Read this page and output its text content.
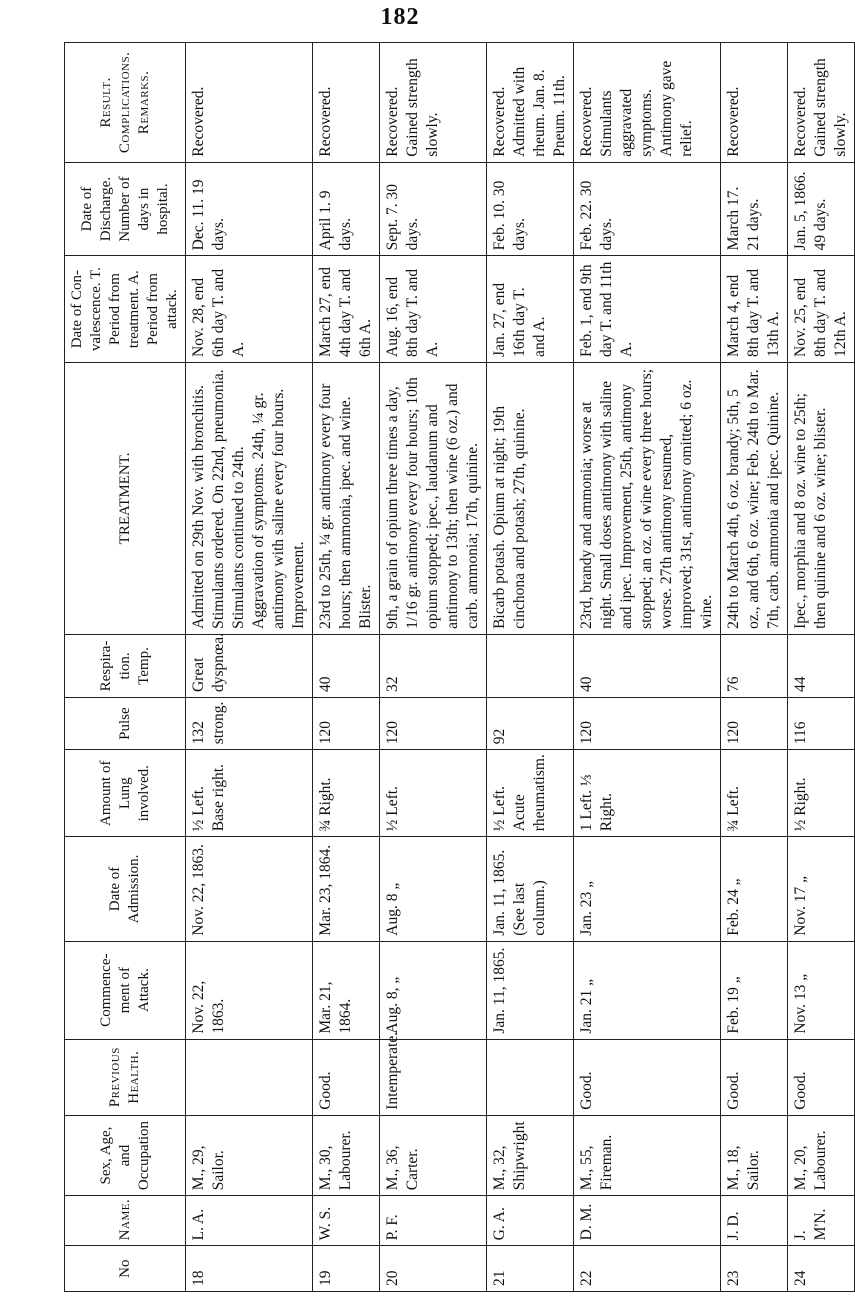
182
No	Name.	Sex, Age, and Occupation	Previous Health.	Commence-ment of Attack.	Date of Admission.	Amount of Lung involved.	Pulse	Respira-tion. Temp.	TREATMENT.	Date of Con-valescence. T. Period from treatment. A. Period from attack.	Date of Discharge. Number of days in hospital.	Result. Complications. Remarks.
18	L. A.	M., 29, Sailor.		Nov. 22, 1863.	Nov. 22, 1863.	½ Left. Base right.	132 strong.	Great dyspnœa.	Admitted on 29th Nov. with bronchitis. Stimulants ordered. On 22nd, pneumonia. Stimulants continued to 24th. Aggravation of symptoms. 24th, ¼ gr. antimony with saline every four hours. Improvement.	Nov. 28, end 6th day T. and A.	Dec. 11. 19 days.	Recovered.
19	W. S.	M., 30, Labourer.	Good.	Mar. 21, 1864.	Mar. 23, 1864.	¾ Right.	120	40	23rd to 25th, ¼ gr. antimony every four hours; then ammonia, ipec. and wine. Blister.	March 27, end 4th day T. and 6th A.	April 1. 9 days.	Recovered.
20	P. F.	M., 36, Carter.	Intemperate.	Aug. 8, „	Aug. 8 „	½ Left.	120	32	9th, a grain of opium three times a day, 1/16 gr. antimony every four hours; 10th opium stopped; ipec., laudanum and antimony to 13th; then wine (6 oz.) and carb. ammonia; 17th, quinine.	Aug. 16, end 8th day T. and A.	Sept. 7. 30 days.	Recovered. Gained strength slowly.
21	G. A.	M., 32, Shipwright		Jan. 11, 1865.	Jan. 11, 1865. (See last column.)	½ Left. Acute rheumatism.	92		Bicarb potash. Opium at night; 19th cinchona and potash; 27th, quinine.	Jan. 27, end 16th day T. and A.	Feb. 10. 30 days.	Recovered. Admitted with rheum. Jan. 8. Pneum. 11th.
22	D. M.	M., 55, Fireman.	Good.	Jan. 21 „	Jan. 23 „	1 Left. ⅓ Right.	120	40	23rd, brandy and ammonia; worse at night. Small doses antimony with saline and ipec. Improvement, 25th, antimony stopped; an oz. of wine every three hours; worse. 27th antimony resumed, improved; 31st, antimony omitted; 6 oz. wine.	Feb. 1, end 9th day T. and 11th A.	Feb. 22. 30 days.	Recovered. Stimulants aggravated symptoms. Antimony gave relief.
23	J. D.	M., 18, Sailor.	Good.	Feb. 19 „	Feb. 24 „	¾ Left.	120	76	24th to March 4th, 6 oz. brandy; 5th, 5 oz., and 6th, 6 oz. wine; Feb. 24th to Mar. 7th, carb. ammonia and ipec. Quinine.	March 4, end 8th day T. and 13th A.	March 17. 21 days.	Recovered.
24	J. M'N.	M., 20, Labourer.	Good.	Nov. 13 „	Nov. 17 „	½ Right.	116	44	Ipec., morphia and 8 oz. wine to 25th; then quinine and 6 oz. wine; blister.	Nov. 25, end 8th day T. and 12th A.	Jan. 5, 1866. 49 days.	Recovered. Gained strength slowly.
